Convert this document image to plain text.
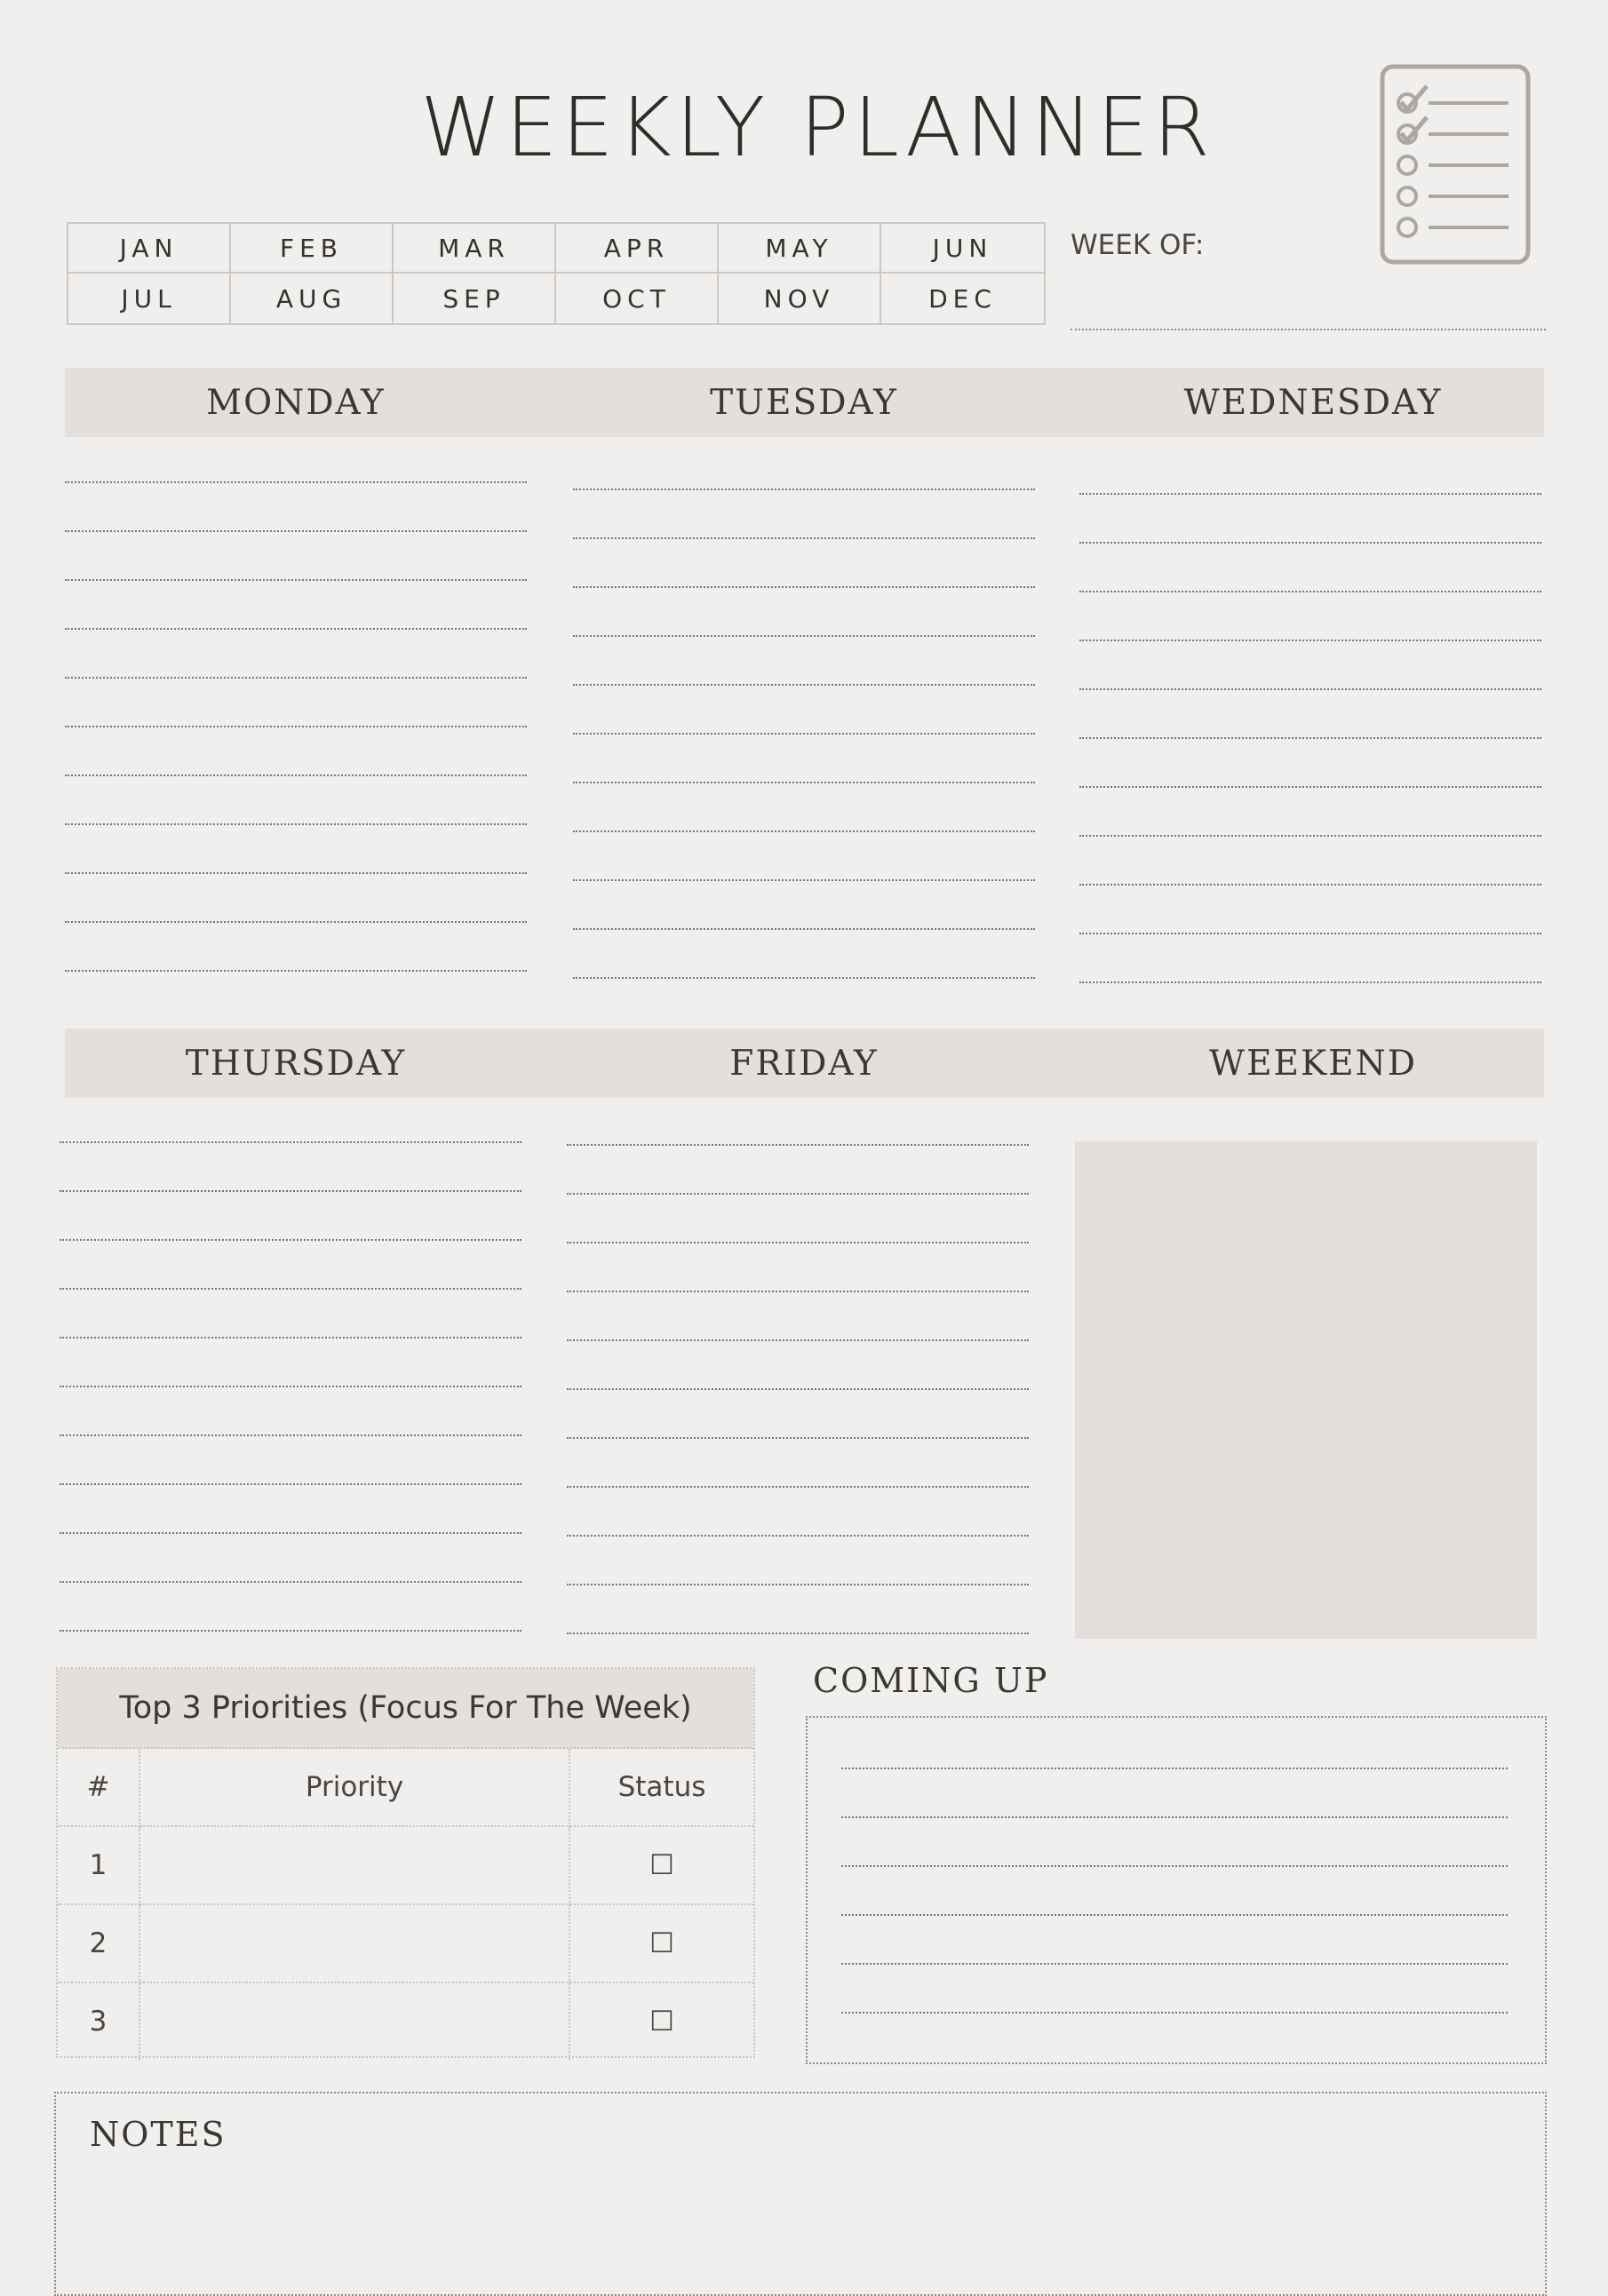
WEEKLY PLANNER
JAN	FEB	MAR	APR	MAY	JUN
JUL	AUG	SEP	OCT	NOV	DEC
WEEK OF:
MONDAY	TUESDAY	WEDNESDAY
THURSDAY	FRIDAY	WEEKEND
Top 3 Priorities (Focus For The Week)
#	Priority	Status
1		☐
2		☐
3		☐
COMING UP
NOTES
